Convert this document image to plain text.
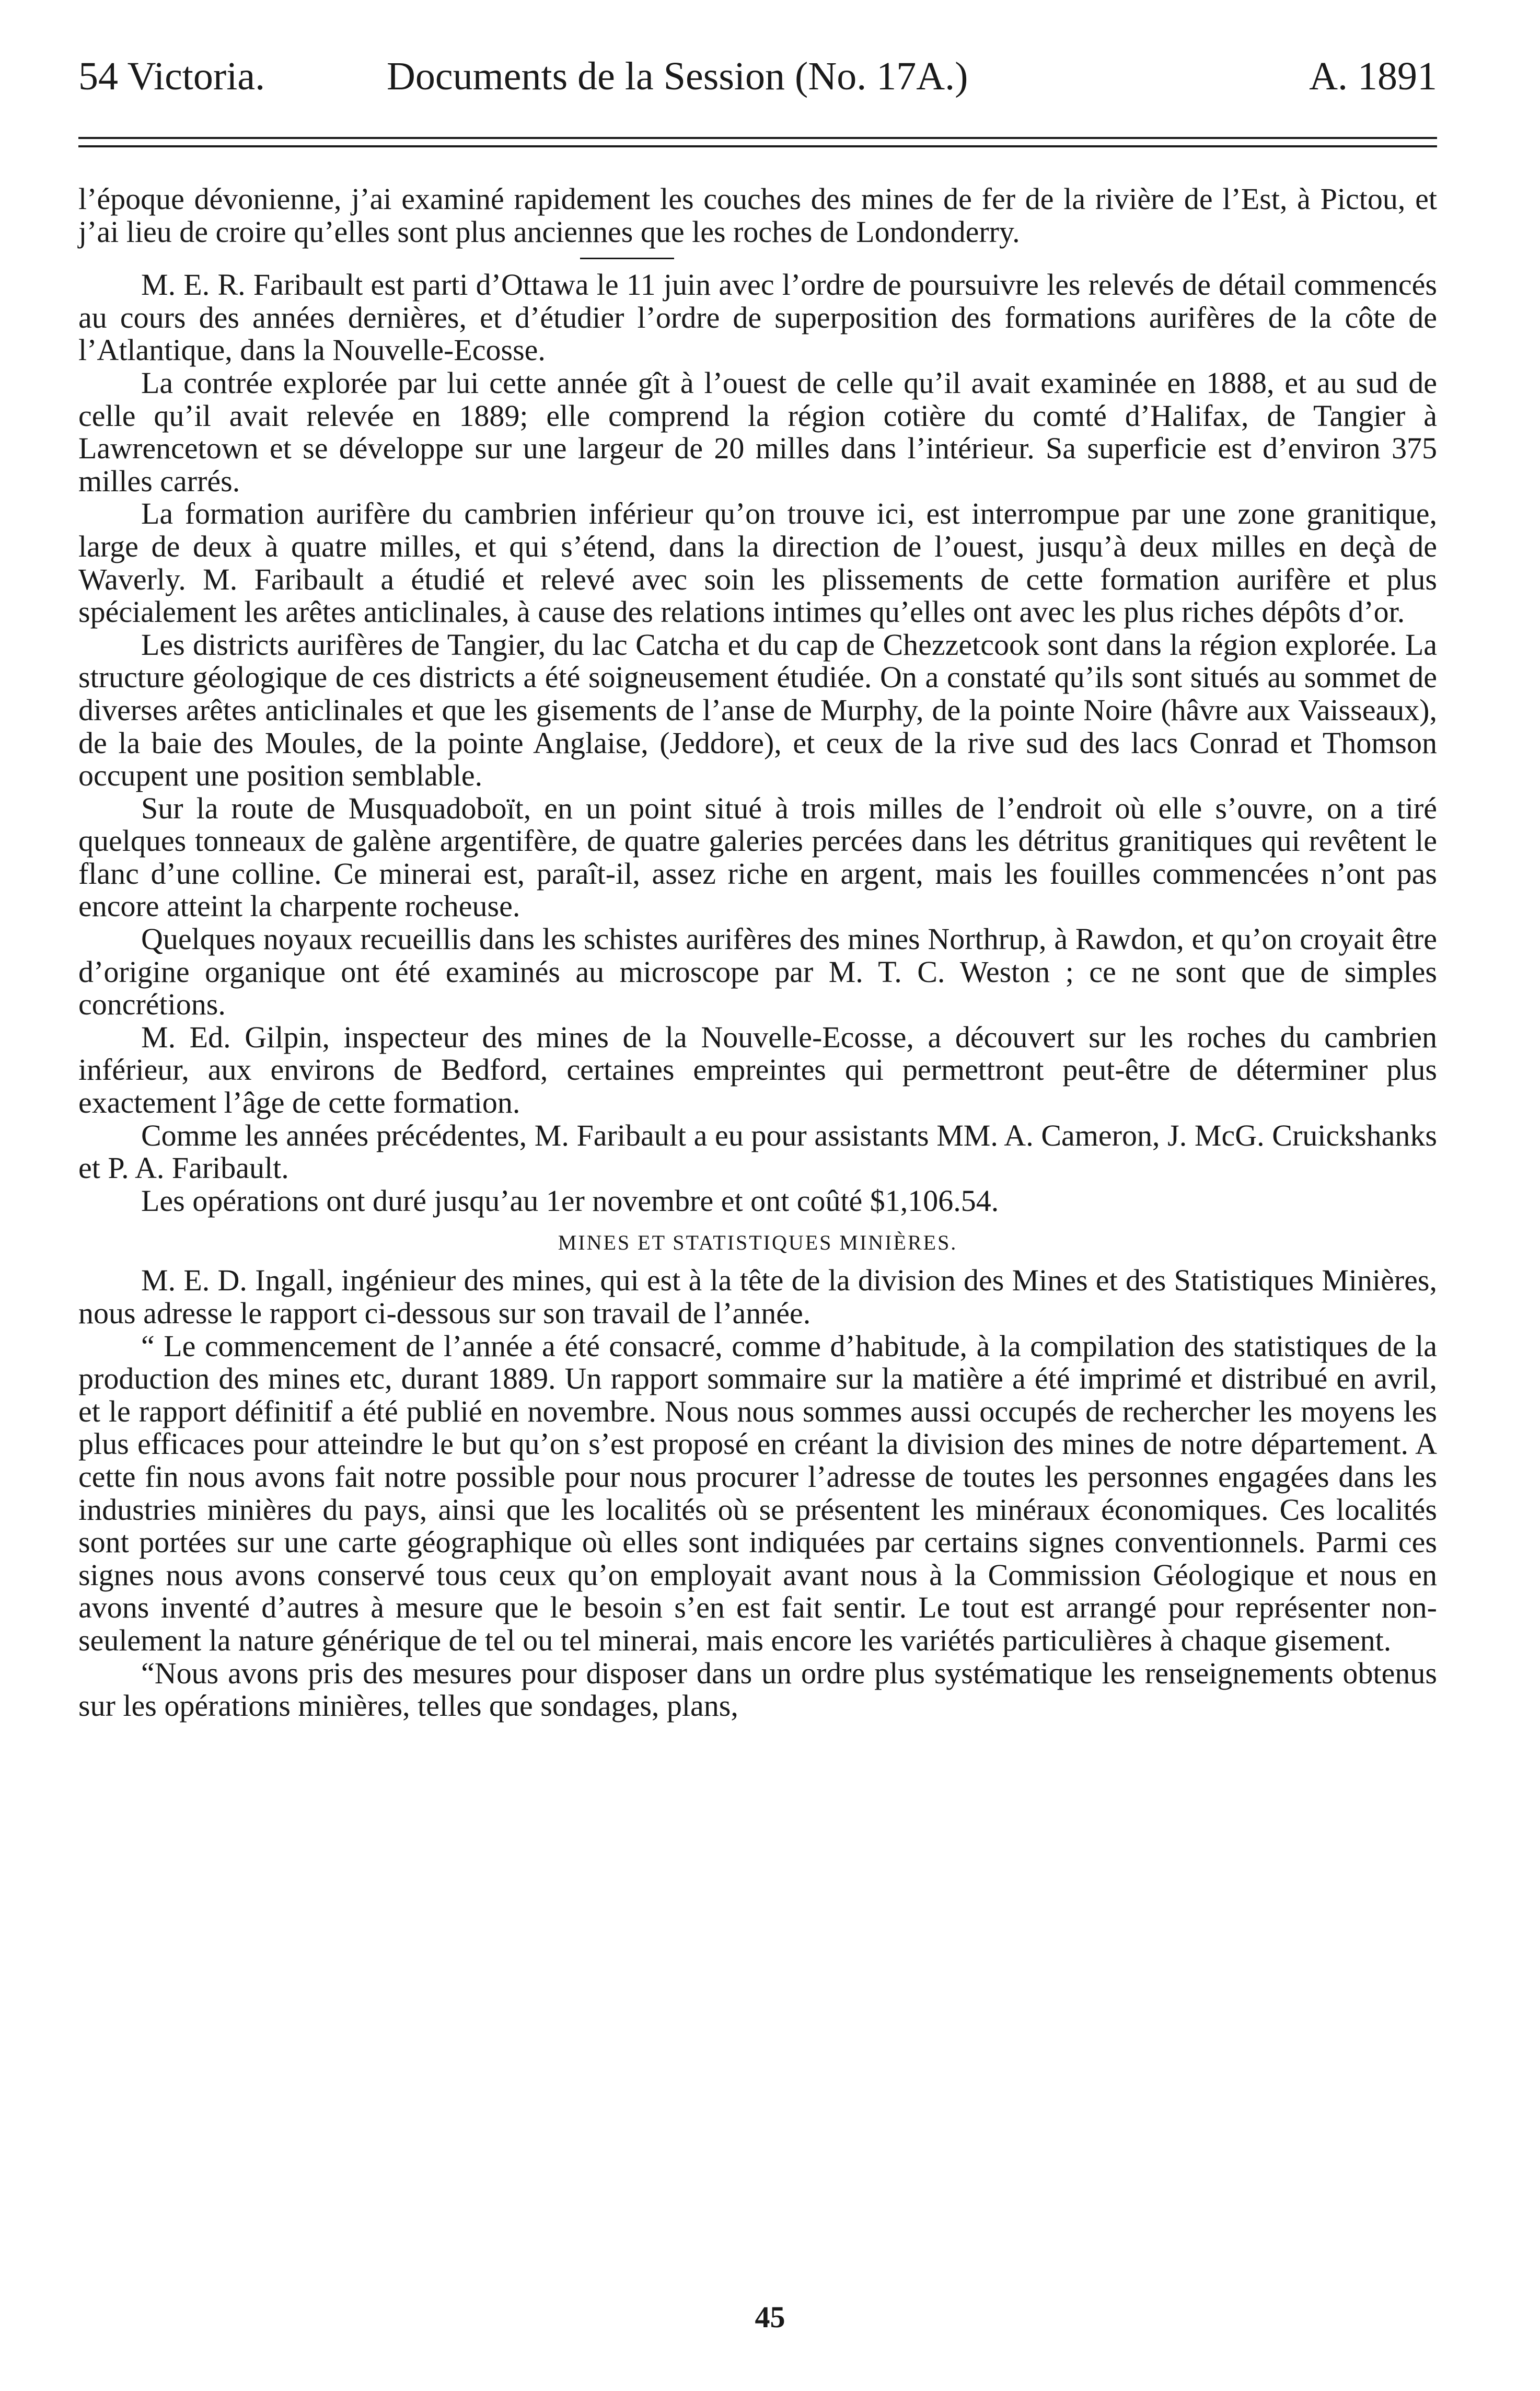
54 Victoria.	Documents de la Session (No. 17A.)	A. 1891

l’époque dévonienne, j’ai examiné rapidement les couches des mines de fer de la rivière de l’Est, à Pictou, et j’ai lieu de croire qu’elles sont plus anciennes que les roches de Londonderry.

M. E. R. Faribault est parti d’Ottawa le 11 juin avec l’ordre de poursuivre les relevés de détail commencés au cours des années dernières, et d’étudier l’ordre de superposition des formations aurifères de la côte de l’Atlantique, dans la Nouvelle-Ecosse.

La contrée explorée par lui cette année gît à l’ouest de celle qu’il avait examinée en 1888, et au sud de celle qu’il avait relevée en 1889; elle comprend la région cotière du comté d’Halifax, de Tangier à Lawrencetown et se développe sur une largeur de 20 milles dans l’intérieur. Sa superficie est d’environ 375 milles carrés.

La formation aurifère du cambrien inférieur qu’on trouve ici, est interrompue par une zone granitique, large de deux à quatre milles, et qui s’étend, dans la direction de l’ouest, jusqu’à deux milles en deçà de Waverly. M. Faribault a étudié et relevé avec soin les plissements de cette formation aurifère et plus spécialement les arêtes anticlinales, à cause des relations intimes qu’elles ont avec les plus riches dépôts d’or.

Les districts aurifères de Tangier, du lac Catcha et du cap de Chezzetcook sont dans la région explorée. La structure géologique de ces districts a été soigneusement étudiée. On a constaté qu’ils sont situés au sommet de diverses arêtes anticlinales et que les gisements de l’anse de Murphy, de la pointe Noire (hâvre aux Vaisseaux), de la baie des Moules, de la pointe Anglaise, (Jeddore), et ceux de la rive sud des lacs Conrad et Thomson occupent une position semblable.

Sur la route de Musquadoboït, en un point situé à trois milles de l’endroit où elle s’ouvre, on a tiré quelques tonneaux de galène argentifère, de quatre galeries percées dans les détritus granitiques qui revêtent le flanc d’une colline. Ce minerai est, paraît-il, assez riche en argent, mais les fouilles commencées n’ont pas encore atteint la charpente rocheuse.

Quelques noyaux recueillis dans les schistes aurifères des mines Northrup, à Rawdon, et qu’on croyait être d’origine organique ont été examinés au microscope par M. T. C. Weston ; ce ne sont que de simples concrétions.

M. Ed. Gilpin, inspecteur des mines de la Nouvelle-Ecosse, a découvert sur les roches du cambrien inférieur, aux environs de Bedford, certaines empreintes qui permettront peut-être de déterminer plus exactement l’âge de cette formation.

Comme les années précédentes, M. Faribault a eu pour assistants MM. A. Cameron, J. McG. Cruickshanks et P. A. Faribault.

Les opérations ont duré jusqu’au 1er novembre et ont coûté $1,106.54.

MINES ET STATISTIQUES MINIÈRES.

M. E. D. Ingall, ingénieur des mines, qui est à la tête de la division des Mines et des Statistiques Minières, nous adresse le rapport ci-dessous sur son travail de l’année.

“ Le commencement de l’année a été consacré, comme d’habitude, à la compilation des statistiques de la production des mines etc, durant 1889. Un rapport sommaire sur la matière a été imprimé et distribué en avril, et le rapport définitif a été publié en novembre. Nous nous sommes aussi occupés de rechercher les moyens les plus efficaces pour atteindre le but qu’on s’est proposé en créant la division des mines de notre département. A cette fin nous avons fait notre possible pour nous procurer l’adresse de toutes les personnes engagées dans les industries minières du pays, ainsi que les localités où se présentent les minéraux économiques. Ces localités sont portées sur une carte géographique où elles sont indiquées par certains signes conventionnels. Parmi ces signes nous avons conservé tous ceux qu’on employait avant nous à la Commission Géologique et nous en avons inventé d’autres à mesure que le besoin s’en est fait sentir. Le tout est arrangé pour représenter non-seulement la nature générique de tel ou tel minerai, mais encore les variétés particulières à chaque gisement.

“Nous avons pris des mesures pour disposer dans un ordre plus systématique les renseignements obtenus sur les opérations minières, telles que sondages, plans,

45
